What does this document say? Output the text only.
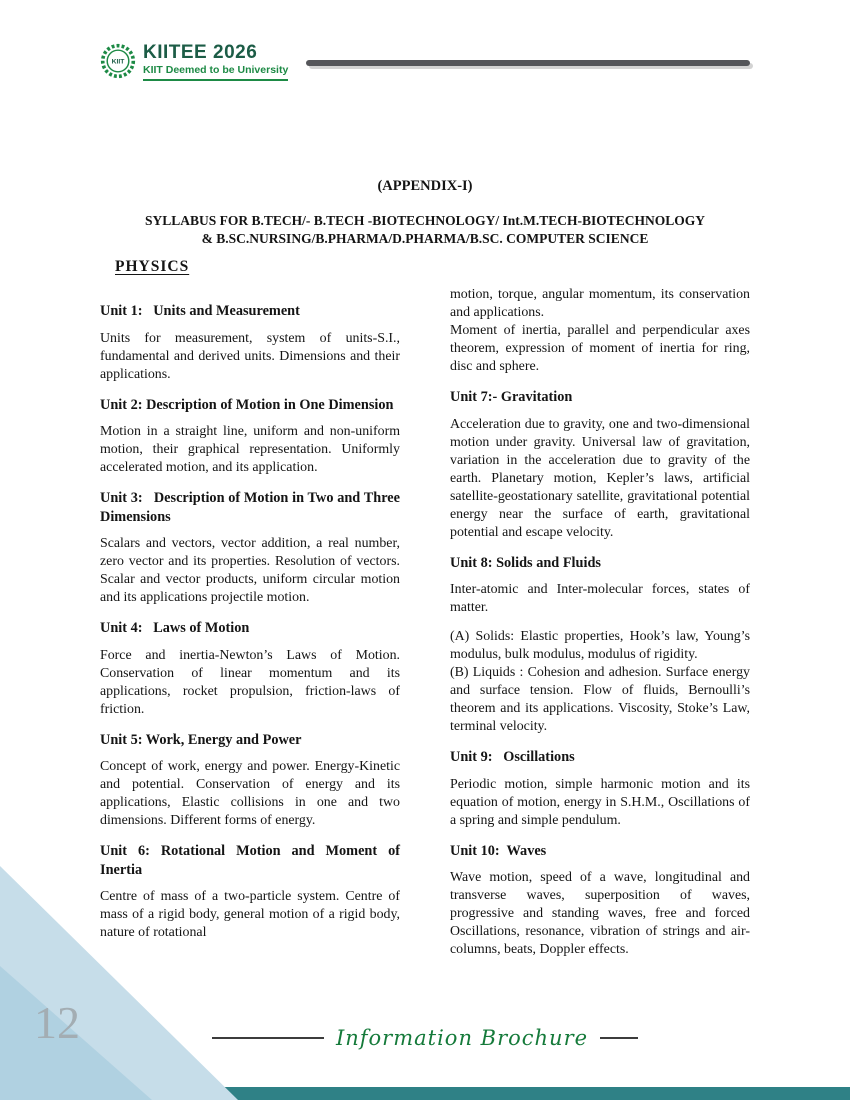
KIIT KIITEE 2026
KIIT Deemed to be University
(APPENDIX-I)
SYLLABUS FOR B.TECH/- B.TECH -BIOTECHNOLOGY/ Int.M.TECH-BIOTECHNOLOGY
& B.SC.NURSING/B.PHARMA/D.PHARMA/B.SC. COMPUTER SCIENCE
PHYSICS
Unit 1:   Units and Measurement

Units for measurement, system of units-S.I., fundamental and derived units. Dimensions and their applications.

Unit 2: Description of Motion in One Dimension

Motion in a straight line, uniform and non-uniform motion, their graphical representation. Uniformly accelerated motion, and its application.

Unit 3:   Description of Motion in Two and Three Dimensions

Scalars and vectors, vector addition, a real number, zero vector and its properties. Resolution of vectors. Scalar and vector products, uniform circular motion and its applications projectile motion.

Unit 4:   Laws of Motion

Force and inertia-Newton’s Laws of Motion. Conservation of linear momentum and its applications, rocket propulsion, friction-laws of friction.

Unit 5: Work, Energy and Power

Concept of work, energy and power. Energy-Kinetic and potential. Conservation of energy and its applications, Elastic collisions in one and two dimensions. Different forms of energy.

Unit 6: Rotational Motion and Moment of Inertia

Centre of mass of a two-particle system. Centre of mass of a rigid body, general motion of a rigid body, nature of rotational

motion, torque, angular momentum, its conservation and applications.

Moment of inertia, parallel and perpendicular axes theorem, expression of moment of inertia for ring, disc and sphere.

Unit 7:- Gravitation

Acceleration due to gravity, one and two-dimensional motion under gravity. Universal law of gravitation, variation in the acceleration due to gravity of the earth. Planetary motion, Kepler’s laws, artificial satellite-geostationary satellite, gravitational potential energy near the surface of earth, gravitational potential and escape velocity.

Unit 8: Solids and Fluids

Inter-atomic and Inter-molecular forces, states of matter.

(A) Solids: Elastic properties, Hook’s law, Young’s modulus, bulk modulus, modulus of rigidity.

(B) Liquids : Cohesion and adhesion. Surface energy and surface tension. Flow of fluids, Bernoulli’s theorem and its applications. Viscosity, Stoke’s Law, terminal velocity.

Unit 9:   Oscillations

Periodic motion, simple harmonic motion and its equation of motion, energy in S.H.M., Oscillations of a spring and simple pendulum.

Unit 10:  Waves

Wave motion, speed of a wave, longitudinal and transverse waves, superposition of waves, progressive and standing waves, free and forced Oscillations, resonance, vibration of strings and air-columns, beats, Doppler effects.

12	Information Brochure
